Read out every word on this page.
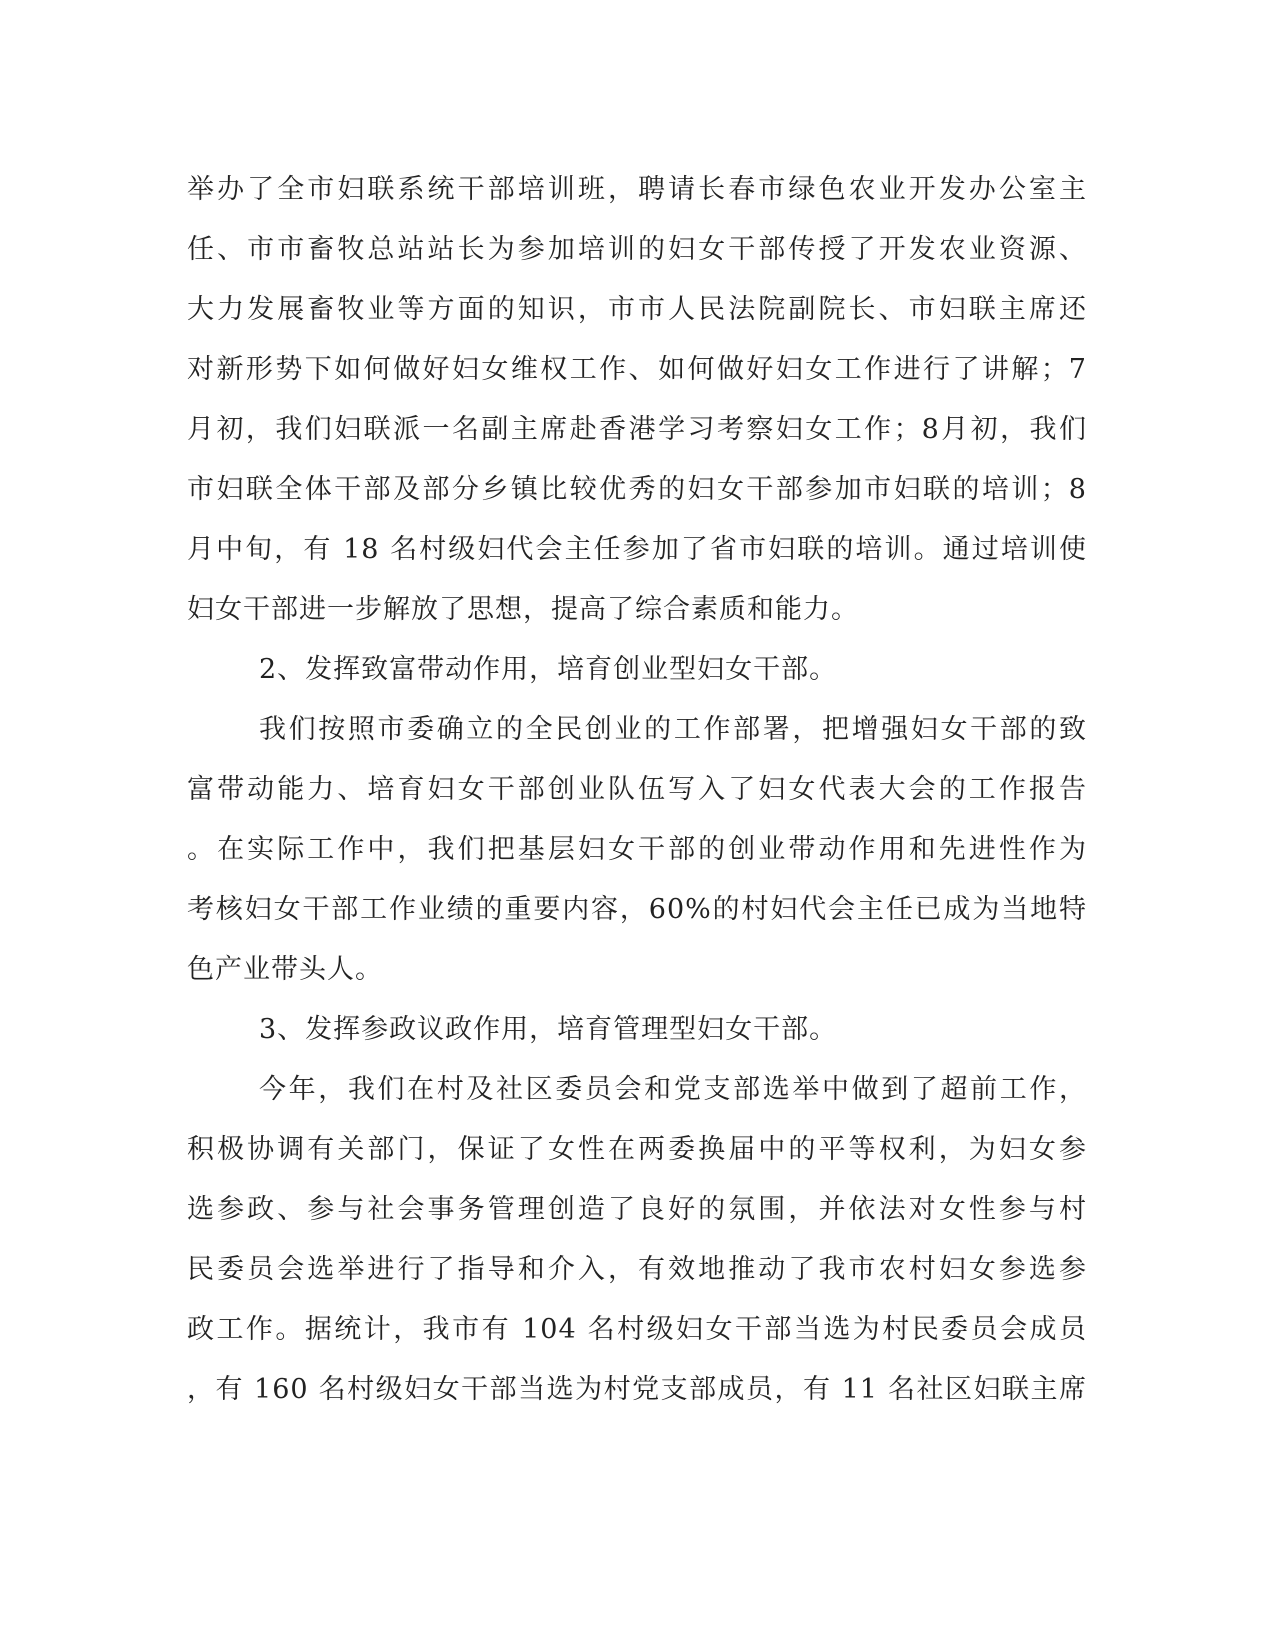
举办了全市妇联系统干部培训班，聘请长春市绿色农业开发办公室主
任、市市畜牧总站站长为参加培训的妇女干部传授了开发农业资源、
大力发展畜牧业等方面的知识，市市人民法院副院长、市妇联主席还
对新形势下如何做好妇女维权工作、如何做好妇女工作进行了讲解；7
月初，我们妇联派一名副主席赴香港学习考察妇女工作；8月初，我们
市妇联全体干部及部分乡镇比较优秀的妇女干部参加市妇联的培训；8
月中旬，有 18 名村级妇代会主任参加了省市妇联的培训。通过培训使
妇女干部进一步解放了思想，提高了综合素质和能力。
2、发挥致富带动作用，培育创业型妇女干部。
我们按照市委确立的全民创业的工作部署，把增强妇女干部的致
富带动能力、培育妇女干部创业队伍写入了妇女代表大会的工作报告
。在实际工作中，我们把基层妇女干部的创业带动作用和先进性作为
考核妇女干部工作业绩的重要内容，60%的村妇代会主任已成为当地特
色产业带头人。
3、发挥参政议政作用，培育管理型妇女干部。
今年，我们在村及社区委员会和党支部选举中做到了超前工作，
积极协调有关部门，保证了女性在两委换届中的平等权利，为妇女参
选参政、参与社会事务管理创造了良好的氛围，并依法对女性参与村
民委员会选举进行了指导和介入，有效地推动了我市农村妇女参选参
政工作。据统计，我市有 104 名村级妇女干部当选为村民委员会成员
，有 160 名村级妇女干部当选为村党支部成员，有 11 名社区妇联主席
